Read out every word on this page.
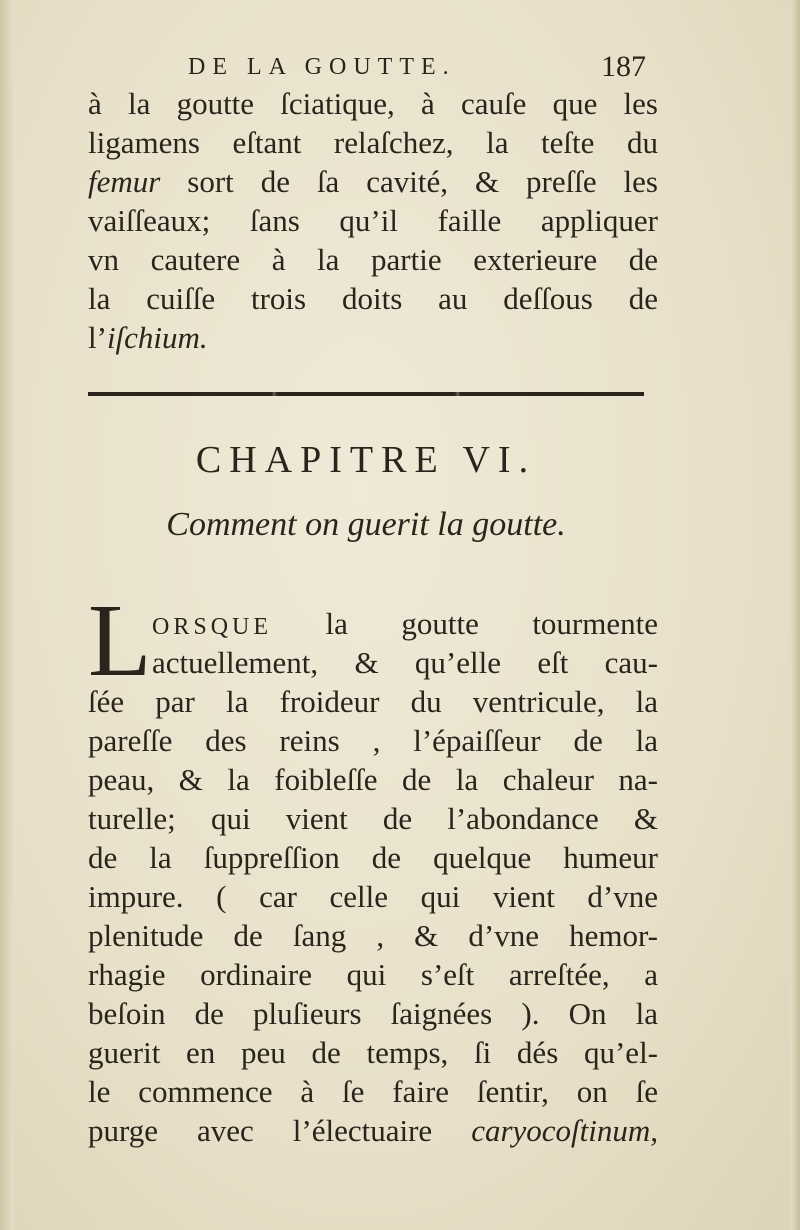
DE LA GOUTTE.	187
à la goutte ſciatique, à cauſe que les
ligamens eſtant relaſchez, la teſte du
femur sort de ſa cavité, & preſſe les
vaiſſeaux; ſans qu’il faille appliquer
vn cautere à la partie exterieure de
la cuiſſe trois doits au deſſous de
l’iſchium.
CHAPITRE VI.
Comment on guerit la goutte.
L ORSQUE la goutte tourmente
actuellement, & qu’elle eſt cau-
ſée par la froideur du ventricule, la
pareſſe des reins , l’épaiſſeur de la
peau, & la foibleſſe de la chaleur na-
turelle; qui vient de l’abondance &
de la ſuppreſſion de quelque humeur
impure. ( car celle qui vient d’vne
plenitude de ſang , & d’vne hemor-
rhagie ordinaire qui s’eſt arreſtée, a
beſoin de pluſieurs ſaignées ). On la
guerit en peu de temps, ſi dés qu’el-
le commence à ſe faire ſentir, on ſe
purge avec l’électuaire caryocoſtinum,
